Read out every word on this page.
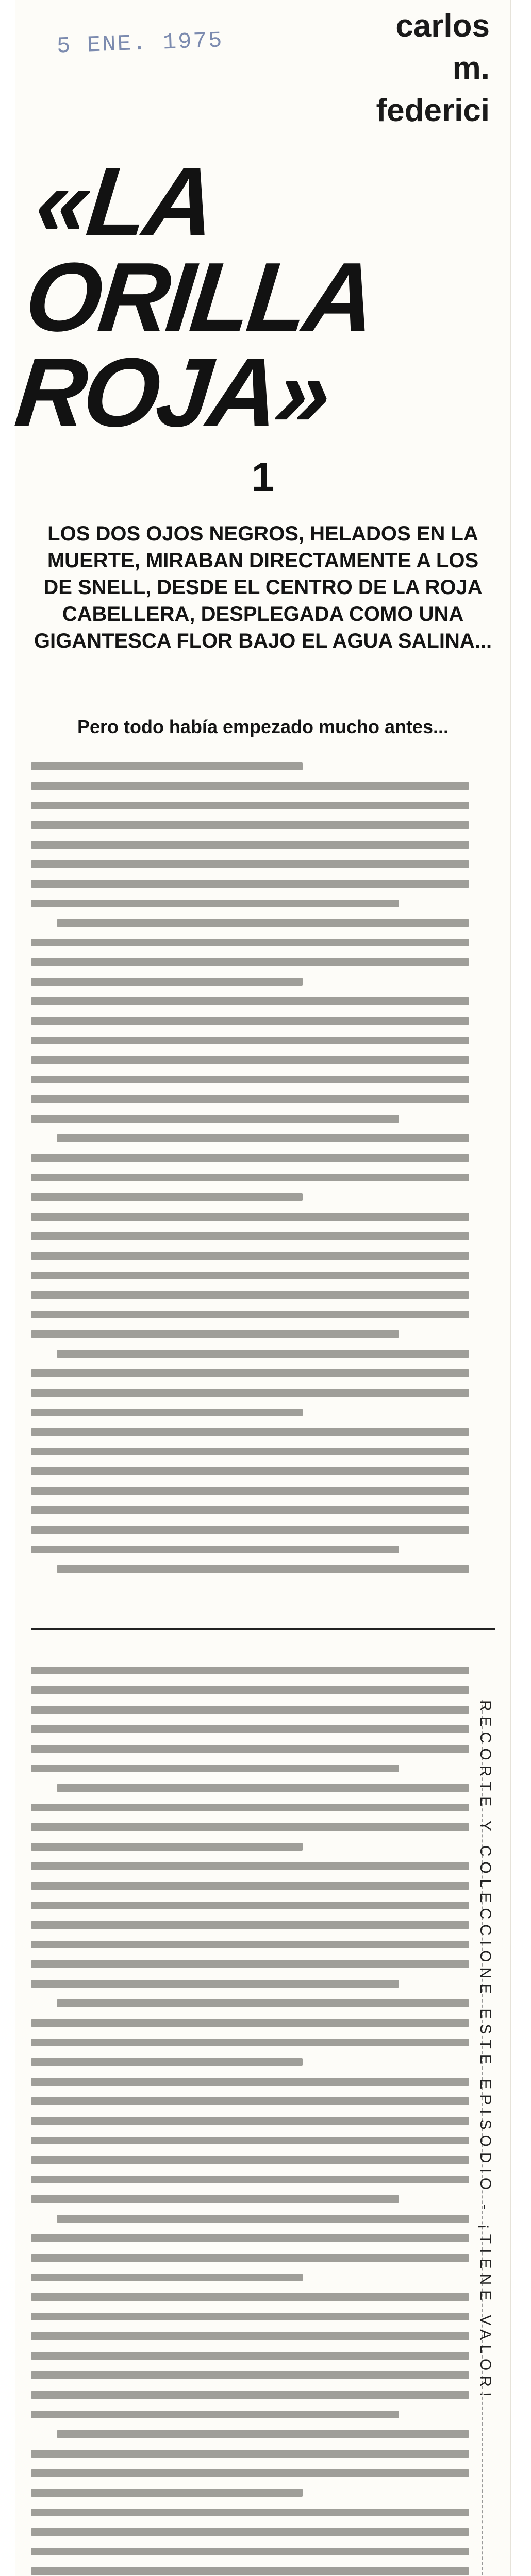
5 ENE. 1975	carlos
m.
federici
«LA
ORILLA
ROJA»
1
LOS DOS OJOS NEGROS, HELADOS EN LA MUERTE, MIRABAN DIRECTAMENTE A LOS DE SNELL, DESDE EL CENTRO DE LA ROJA CABELLERA, DESPLEGADA COMO UNA GIGANTESCA FLOR BAJO EL AGUA SALINA...
Pero todo había empezado mucho antes...
RECORTE Y COLECCIONE ESTE EPISODIO - ¡TIENE VALOR!
